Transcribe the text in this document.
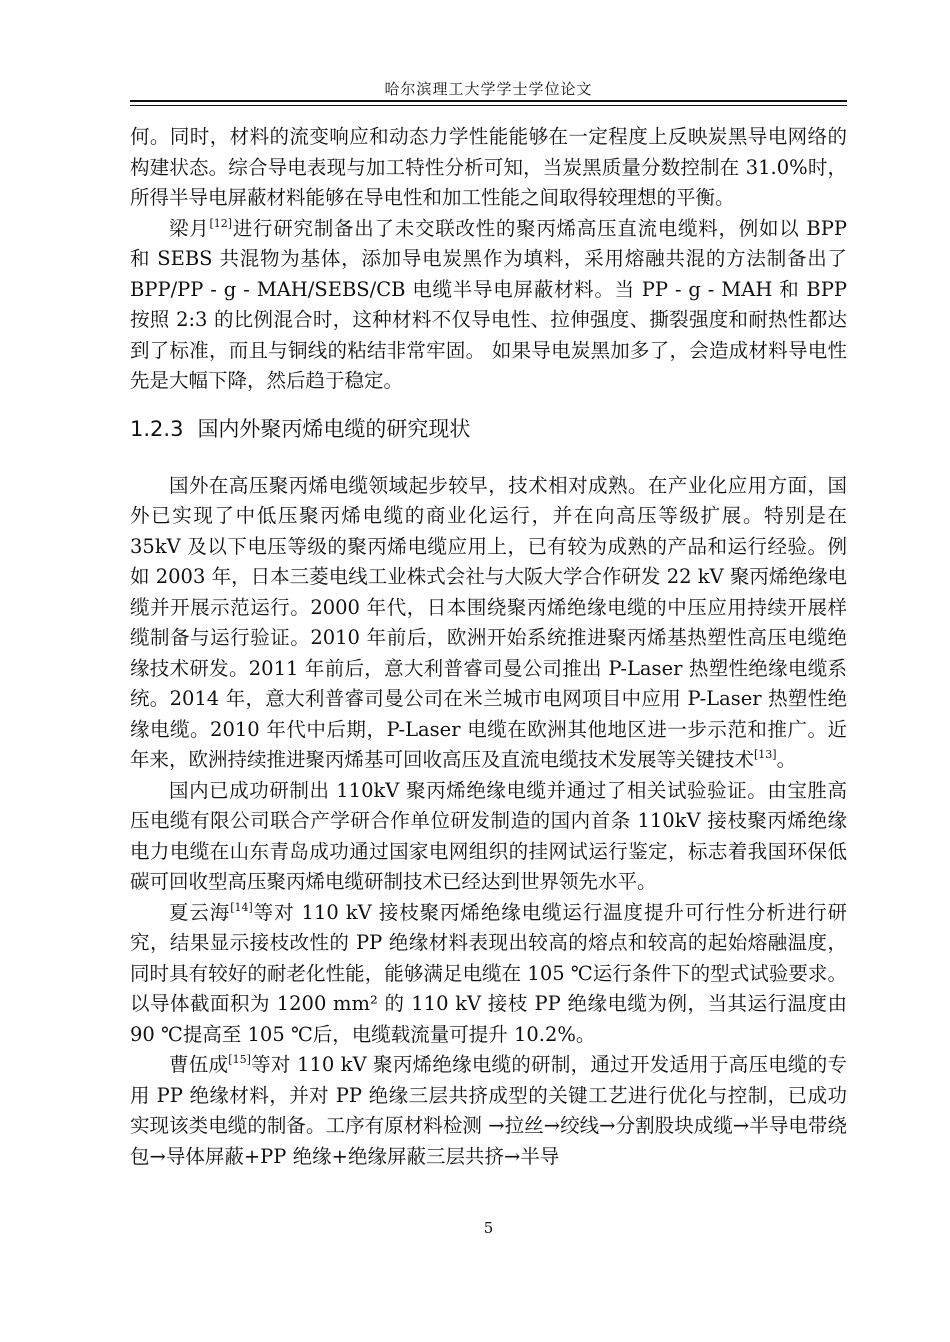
哈尔滨理工大学学士学位论文

何。同时，材料的流变响应和动态力学性能能够在一定程度上反映炭黑导电网络的构建状态。综合导电表现与加工特性分析可知，当炭黑质量分数控制在 31.0%时，所得半导电屏蔽材料能够在导电性和加工性能之间取得较理想的平衡。

梁月[12]进行研究制备出了未交联改性的聚丙烯高压直流电缆料，例如以 BPP 和 SEBS 共混物为基体，添加导电炭黑作为填料，采用熔融共混的方法制备出了 BPP/PP - g - MAH/SEBS/CB 电缆半导电屏蔽材料。当 PP - g - MAH 和 BPP 按照 2:3 的比例混合时，这种材料不仅导电性、拉伸强度、撕裂强度和耐热性都达到了标准，而且与铜线的粘结非常牢固。 如果导电炭黑加多了，会造成材料导电性先是大幅下降，然后趋于稳定。

1.2.3 国内外聚丙烯电缆的研究现状

国外在高压聚丙烯电缆领域起步较早，技术相对成熟。在产业化应用方面，国外已实现了中低压聚丙烯电缆的商业化运行，并在向高压等级扩展。特别是在 35kV 及以下电压等级的聚丙烯电缆应用上，已有较为成熟的产品和运行经验。例如 2003 年，日本三菱电线工业株式会社与大阪大学合作研发 22 kV 聚丙烯绝缘电缆并开展示范运行。2000 年代，日本围绕聚丙烯绝缘电缆的中压应用持续开展样缆制备与运行验证。2010 年前后，欧洲开始系统推进聚丙烯基热塑性高压电缆绝缘技术研发。2011 年前后，意大利普睿司曼公司推出 P-Laser 热塑性绝缘电缆系统。2014 年，意大利普睿司曼公司在米兰城市电网项目中应用 P-Laser 热塑性绝缘电缆。2010 年代中后期，P-Laser 电缆在欧洲其他地区进一步示范和推广。近年来，欧洲持续推进聚丙烯基可回收高压及直流电缆技术发展等关键技术[13]。

国内已成功研制出 110kV 聚丙烯绝缘电缆并通过了相关试验验证。由宝胜高压电缆有限公司联合产学研合作单位研发制造的国内首条 110kV 接枝聚丙烯绝缘电力电缆在山东青岛成功通过国家电网组织的挂网试运行鉴定，标志着我国环保低碳可回收型高压聚丙烯电缆研制技术已经达到世界领先水平。

夏云海[14]等对 110 kV 接枝聚丙烯绝缘电缆运行温度提升可行性分析进行研究，结果显示接枝改性的 PP 绝缘材料表现出较高的熔点和较高的起始熔融温度，同时具有较好的耐老化性能，能够满足电缆在 105 ℃运行条件下的型式试验要求。以导体截面积为 1200 mm² 的 110 kV 接枝 PP 绝缘电缆为例，当其运行温度由 90 ℃提高至 105 ℃后，电缆载流量可提升 10.2%。

曹伍成[15]等对 110 kV 聚丙烯绝缘电缆的研制，通过开发适用于高压电缆的专用 PP 绝缘材料，并对 PP 绝缘三层共挤成型的关键工艺进行优化与控制，已成功实现该类电缆的制备。工序有原材料检测 →拉丝→绞线→分割股块成缆→半导电带绕包→导体屏蔽+PP 绝缘+绝缘屏蔽三层共挤→半导

5
